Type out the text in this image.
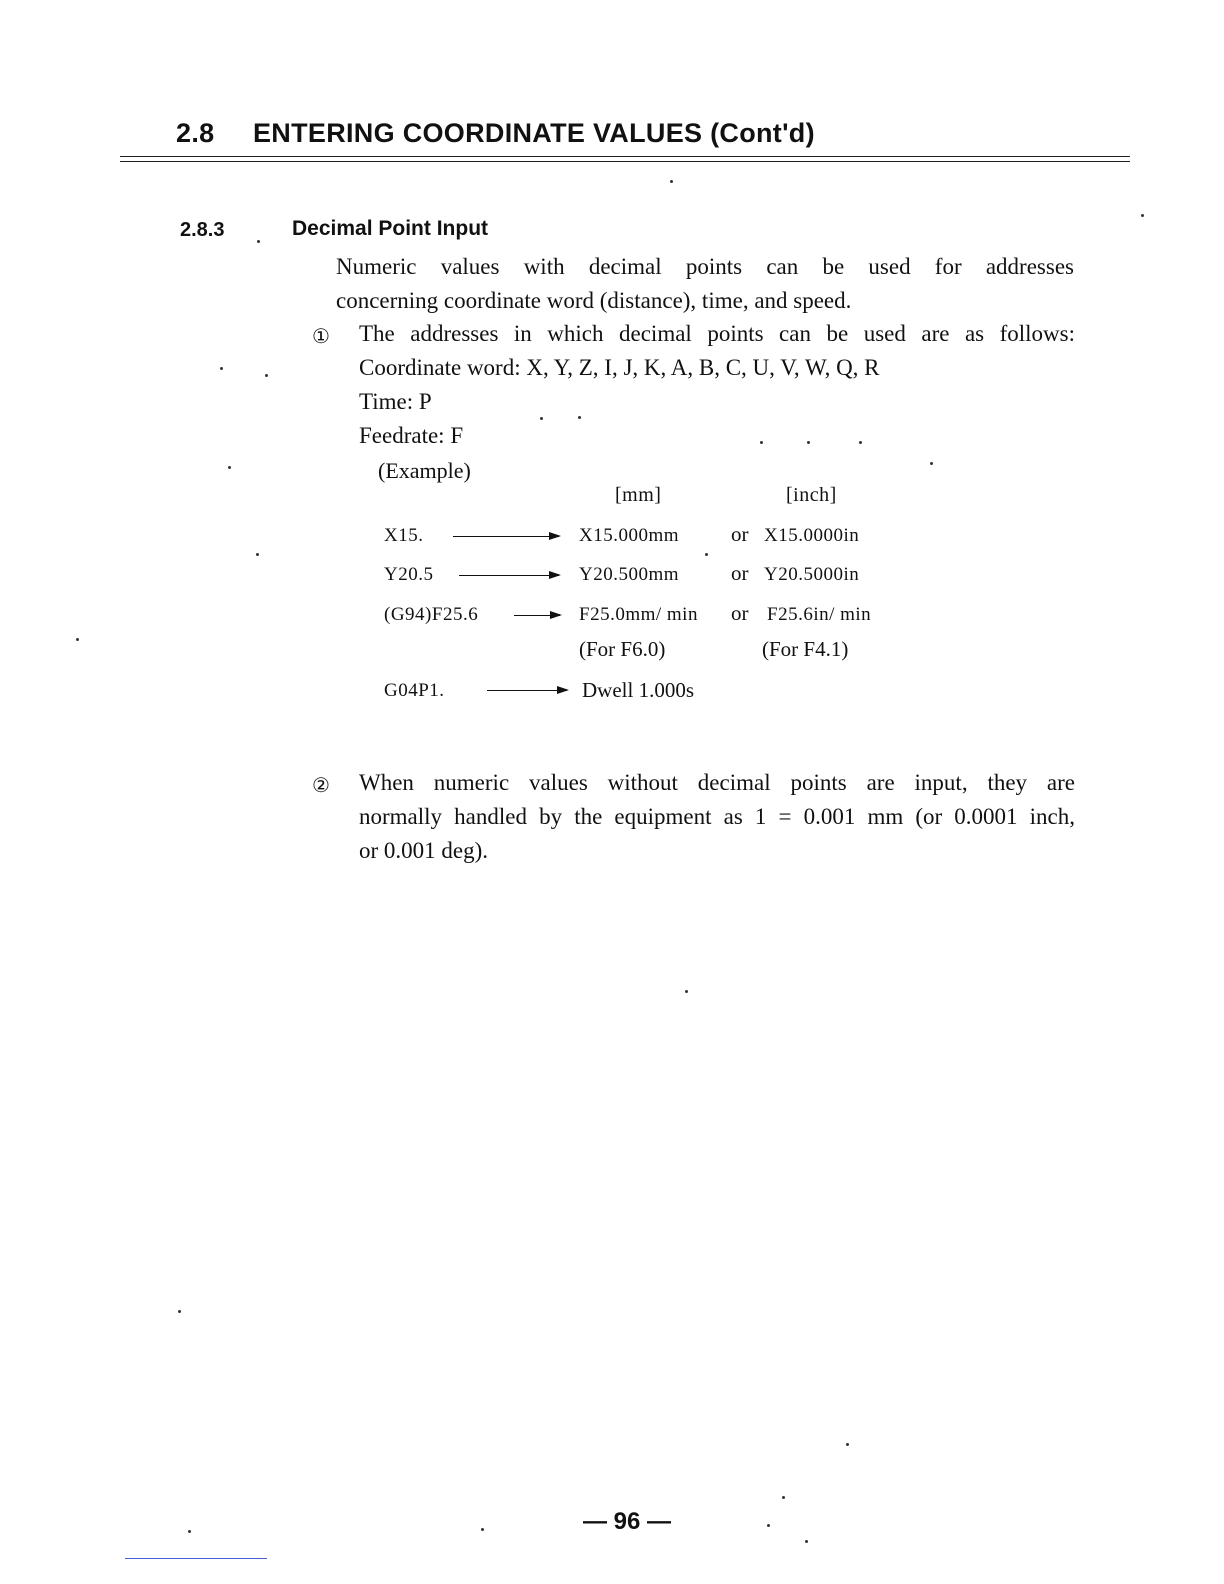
2.8 ENTERING COORDINATE VALUES (Cont'd)
2.8.3	Decimal Point Input
Numeric values with decimal points can be used for addresses
concerning coordinate word (distance), time, and speed.
① The addresses in which decimal points can be used are as follows:
Coordinate word: X, Y, Z, I, J, K, A, B, C, U, V, W, Q, R
Time: P
Feedrate: F
(Example)
[mm]	[inch]
X15.	X15.000mm or X15.0000in
Y20.5	Y20.500mm or Y20.5000in
(G94)F25.6	F25.0mm/ min or F25.6in/ min
(For F6.0)	(For F4.1)
G04P1.	Dwell 1.000s
② When numeric values without decimal points are input, they are
normally handled by the equipment as 1 = 0.001 mm (or 0.0001 inch,
or 0.001 deg).
— 96 —
